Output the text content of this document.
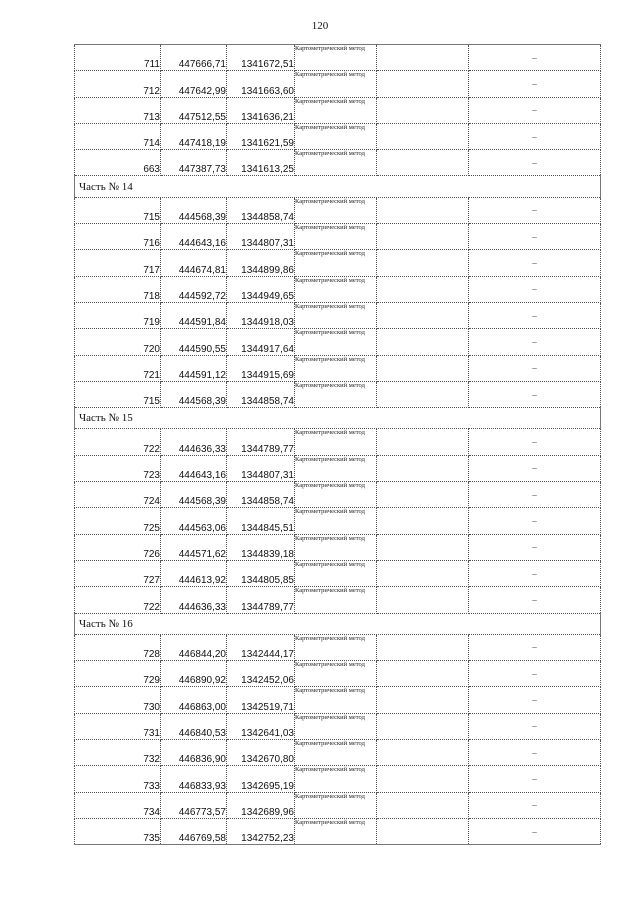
120
711	447666,71	1341672,51	Картометрический метод		–
712	447642,99	1341663,60	Картометрический метод		–
713	447512,55	1341636,21	Картометрический метод		–
714	447418,19	1341621,59	Картометрический метод		–
663	447387,73	1341613,25	Картометрический метод		–
Часть № 14					
715	444568,39	1344858,74	Картометрический метод		–
716	444643,16	1344807,31	Картометрический метод		–
717	444674,81	1344899,86	Картометрический метод		–
718	444592,72	1344949,65	Картометрический метод		–
719	444591,84	1344918,03	Картометрический метод		–
720	444590,55	1344917,64	Картометрический метод		–
721	444591,12	1344915,69	Картометрический метод		–
715	444568,39	1344858,74	Картометрический метод		–
Часть № 15					
722	444636,33	1344789,77	Картометрический метод		–
723	444643,16	1344807,31	Картометрический метод		–
724	444568,39	1344858,74	Картометрический метод		–
725	444563,06	1344845,51	Картометрический метод		–
726	444571,62	1344839,18	Картометрический метод		–
727	444613,92	1344805,85	Картометрический метод		–
722	444636,33	1344789,77	Картометрический метод		–
Часть № 16					
728	446844,20	1342444,17	Картометрический метод		–
729	446890,92	1342452,06	Картометрический метод		–
730	446863,00	1342519,71	Картометрический метод		–
731	446840,53	1342641,03	Картометрический метод		–
732	446836,90	1342670,80	Картометрический метод		–
733	446833,93	1342695,19	Картометрический метод		–
734	446773,57	1342689,96	Картометрический метод		–
735	446769,58	1342752,23	Картометрический метод		–
